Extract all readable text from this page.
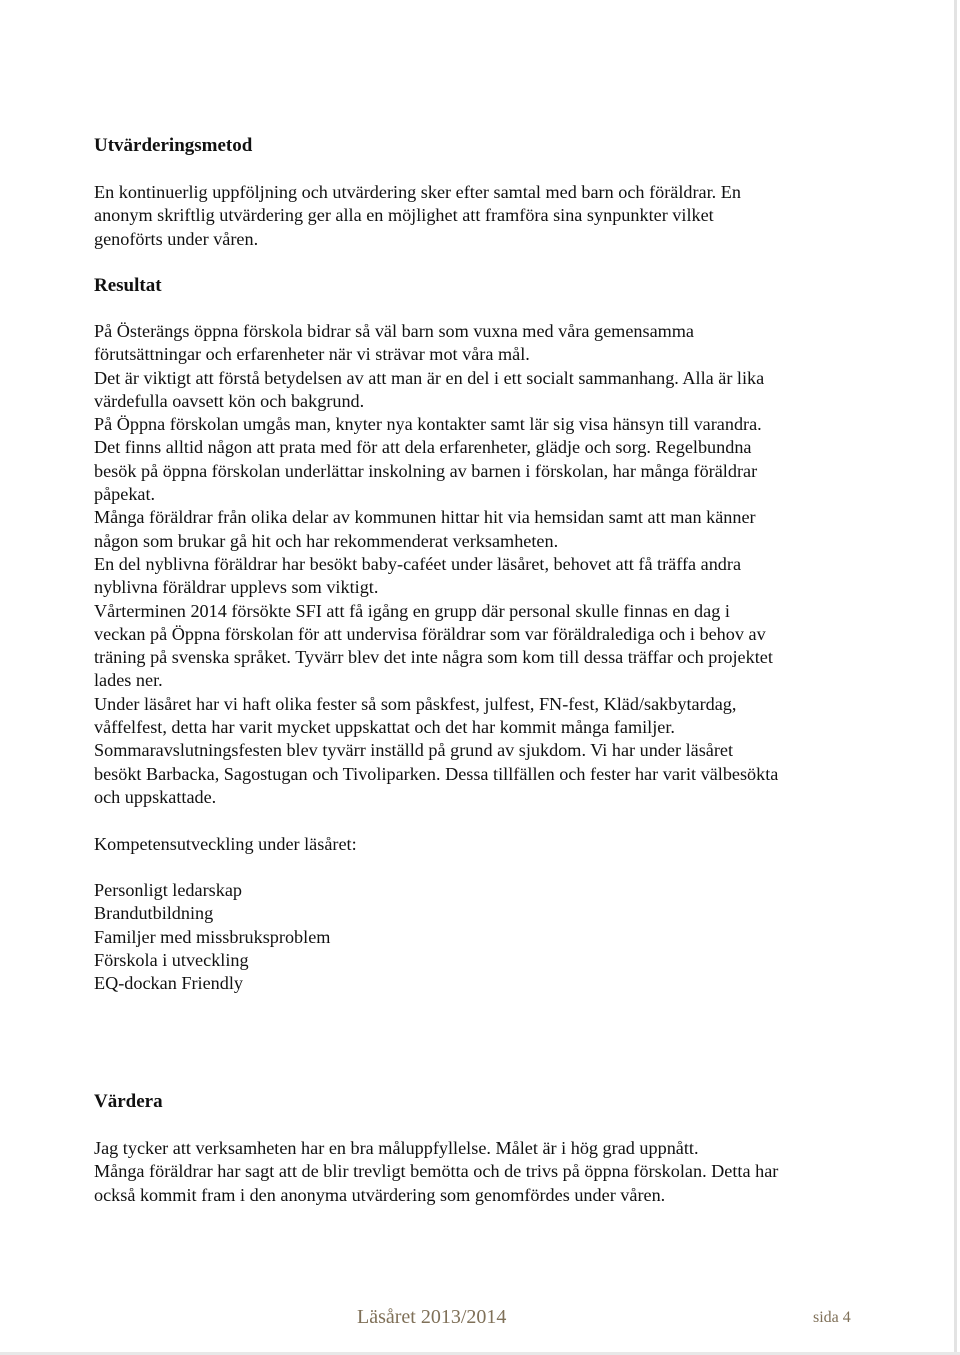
Utvärderingsmetod
En kontinuerlig uppföljning och utvärdering sker efter samtal med barn och föräldrar. En
anonym skriftlig utvärdering ger alla en möjlighet att framföra sina synpunkter vilket
genoförts under våren.
Resultat
På Österängs öppna förskola bidrar så väl barn som vuxna med våra gemensamma
förutsättningar och erfarenheter när vi strävar mot våra mål.
Det är viktigt att förstå betydelsen av att man är en del i ett socialt sammanhang. Alla är lika
värdefulla oavsett kön och bakgrund.
På Öppna förskolan umgås man, knyter nya kontakter samt lär sig visa hänsyn till varandra.
Det finns alltid någon att prata med för att dela erfarenheter, glädje och sorg. Regelbundna
besök på öppna förskolan underlättar inskolning av barnen i förskolan, har många föräldrar
påpekat.
Många föräldrar från olika delar av kommunen hittar hit via hemsidan samt att man känner
någon som brukar gå hit och har rekommenderat verksamheten.
En del nyblivna föräldrar har besökt baby-caféet under läsåret, behovet att få träffa andra
nyblivna föräldrar upplevs som viktigt.
Vårterminen 2014 försökte SFI att få igång en grupp där personal skulle finnas en dag i
veckan på Öppna förskolan för att undervisa föräldrar som var föräldralediga och i behov av
träning på svenska språket. Tyvärr blev det inte några som kom till dessa träffar och projektet
lades ner.
Under läsåret har vi haft olika fester så som påskfest, julfest, FN-fest, Kläd/sakbytardag,
våffelfest, detta har varit mycket uppskattat och det har kommit många familjer.
Sommaravslutningsfesten blev tyvärr inställd på grund av sjukdom. Vi har under läsåret
besökt Barbacka, Sagostugan och Tivoliparken. Dessa tillfällen och fester har varit välbesökta
och uppskattade.
Kompetensutveckling under läsåret:
Personligt ledarskap
Brandutbildning
Familjer med missbruksproblem
Förskola i utveckling
EQ-dockan Friendly
Värdera
Jag tycker att verksamheten har en bra måluppfyllelse. Målet är i hög grad uppnått.
Många föräldrar har sagt att de blir trevligt bemötta och de trivs på öppna förskolan. Detta har
också kommit fram i den anonyma utvärdering som genomfördes under våren.
Läsåret 2013/2014	sida 4
